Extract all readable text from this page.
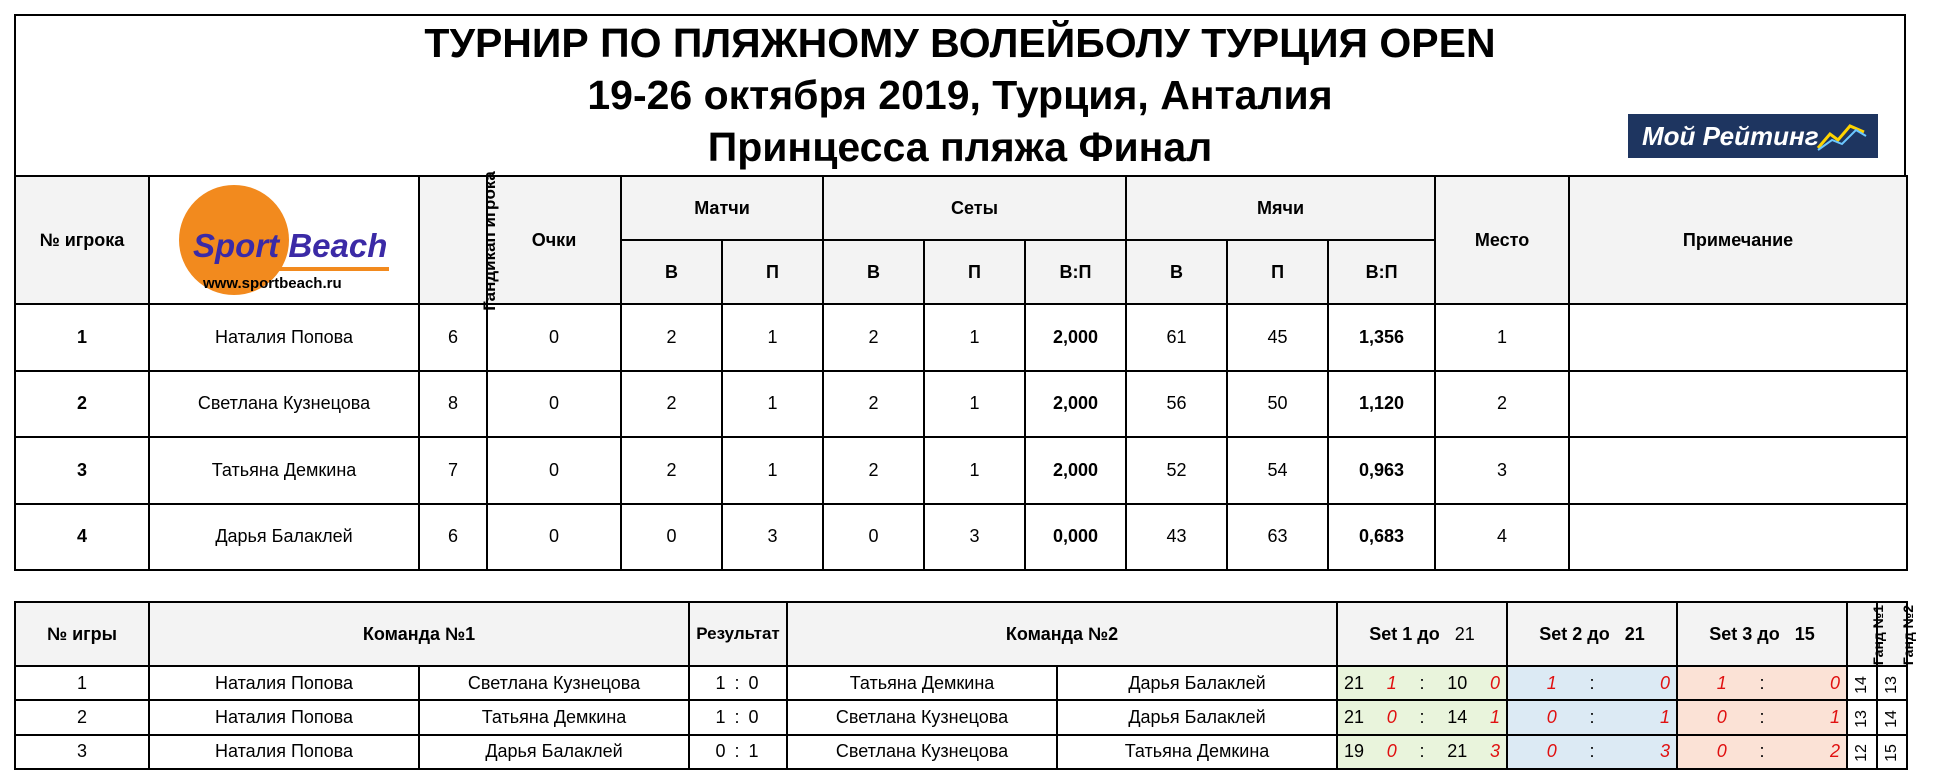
ТУРНИР ПО ПЛЯЖНОМУ ВОЛЕЙБОЛУ ТУРЦИЯ OPEN
19-26 октября 2019, Турция, Анталия
Принцесса пляжа Финал	Мой Рейтинг
№ игрока	Sport Beach
www.sportbeach.ru	Гандикап игрока	Очки	Матчи		Сеты			Мячи			Место	Примечание
				В	П	В	П	В:П	В	П	В:П		
1	Наталия Попова	6	0	2	1	2	1	2,000	61	45	1,356	1	
2	Светлана Кузнецова	8	0	2	1	2	1	2,000	56	50	1,120	2	
3	Татьяна Демкина	7	0	2	1	2	1	2,000	52	54	0,963	3	
4	Дарья Балаклей	6	0	0	3	0	3	0,000	43	63	0,683	4	
№ игры	Команда №1		Результат	Команда №2		Set 1 до 21	Set 2 до 21	Set 3 до 15	Ганд №1	Ганд №2
1	Наталия Попова	Светлана Кузнецова	1 : 0	Татьяна Демкина	Дарья Балаклей	21 1 : 10 0	1 : 0	1 : 0	14	13
2	Наталия Попова	Татьяна Демкина	1 : 0	Светлана Кузнецова	Дарья Балаклей	21 0 : 14 1	0 : 1	0 : 1	13	14
3	Наталия Попова	Дарья Балаклей	0 : 1	Светлана Кузнецова	Татьяна Демкина	19 0 : 21 3	0 : 3	0 : 2	12	15
